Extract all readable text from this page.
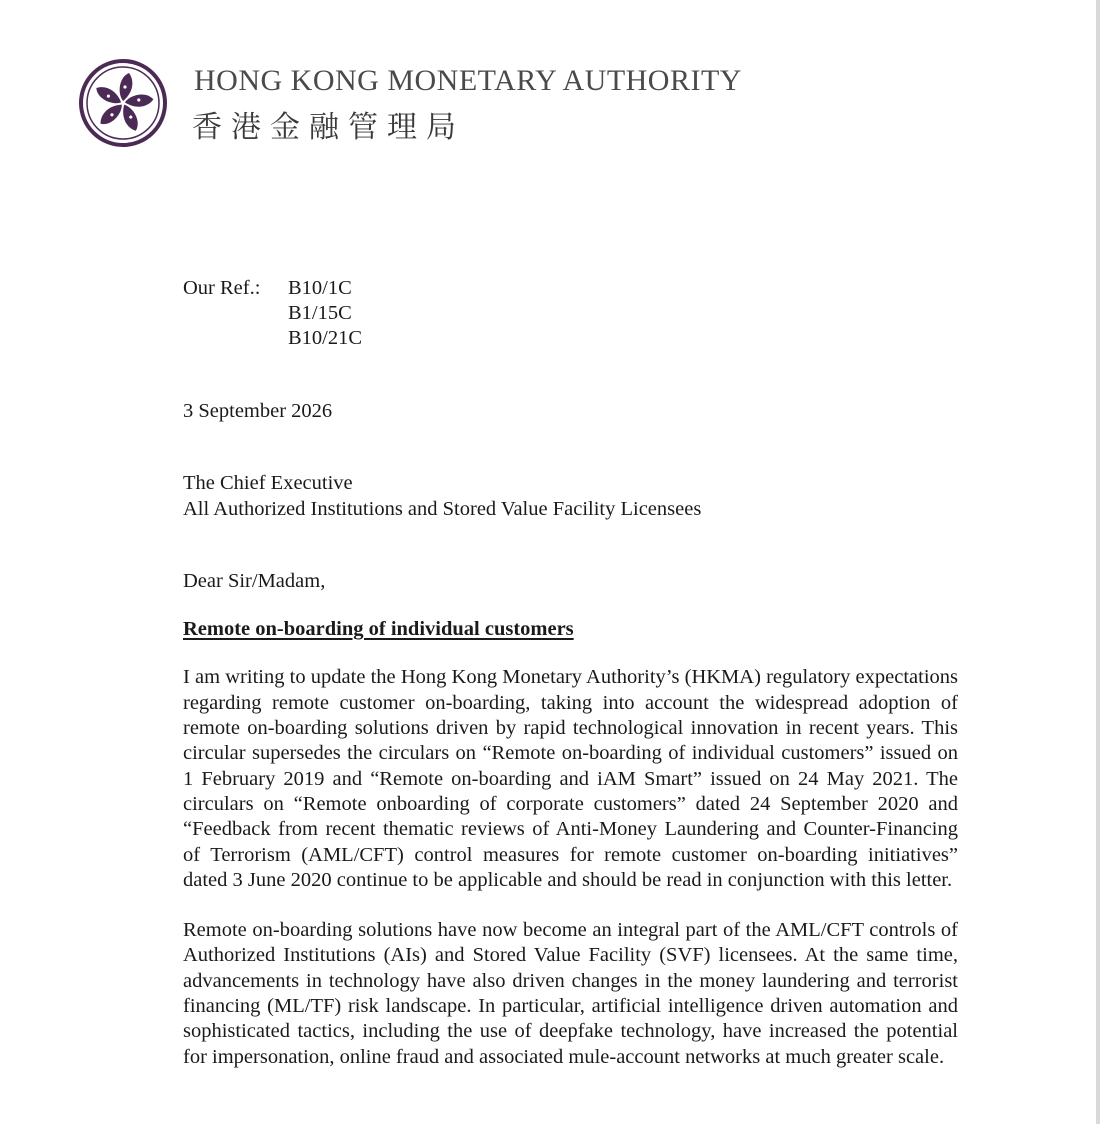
HONG KONG MONETARY AUTHORITY
香港金融管理局
Our Ref.:	B10/1C
B1/15C
B10/21C
3 September 2026
The Chief Executive
All Authorized Institutions and Stored Value Facility Licensees
Dear Sir/Madam,
Remote on-boarding of individual customers
I am writing to update the Hong Kong Monetary Authority’s (HKMA) regulatory expectations regarding remote customer on-boarding, taking into account the widespread adoption of remote on-boarding solutions driven by rapid technological innovation in recent years. This circular supersedes the circulars on “Remote on-boarding of individual customers” issued on 1 February 2019 and “Remote on-boarding and iAM Smart” issued on 24 May 2021. The circulars on “Remote onboarding of corporate customers” dated 24 September 2020 and “Feedback from recent thematic reviews of Anti-Money Laundering and Counter-Financing of Terrorism (AML/CFT) control measures for remote customer on-boarding initiatives” dated 3 June 2020 continue to be applicable and should be read in conjunction with this letter.
Remote on-boarding solutions have now become an integral part of the AML/CFT controls of Authorized Institutions (AIs) and Stored Value Facility (SVF) licensees. At the same time, advancements in technology have also driven changes in the money laundering and terrorist financing (ML/TF) risk landscape. In particular, artificial intelligence driven automation and sophisticated tactics, including the use of deepfake technology, have increased the potential for impersonation, online fraud and associated mule-account networks at much greater scale.
